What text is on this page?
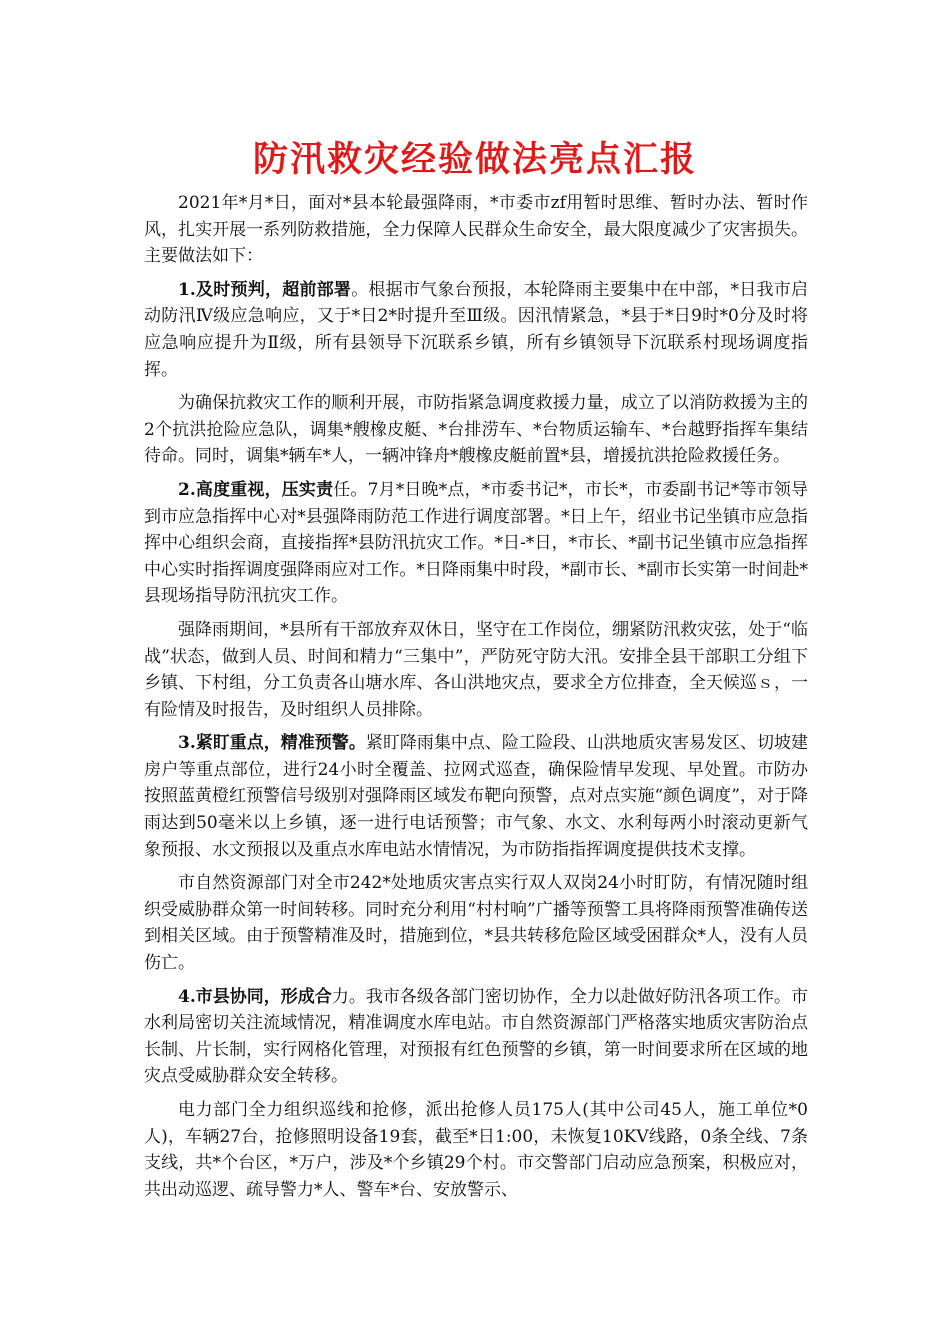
防汛救灾经验做法亮点汇报

2021年*月*日，面对*县本轮最强降雨，*市委市zf用暂时思维、暂时办法、暂时作风，扎实开展一系列防救措施，全力保障人民群众生命安全，最大限度减少了灾害损失。主要做法如下：

1.及时预判，超前部署。根据市气象台预报，本轮降雨主要集中在中部，*日我市启动防汛Ⅳ级应急响应，又于*日2*时提升至Ⅲ级。因汛情紧急，*县于*日9时*0分及时将应急响应提升为Ⅱ级，所有县领导下沉联系乡镇，所有乡镇领导下沉联系村现场调度指挥。

为确保抗救灾工作的顺利开展，市防指紧急调度救援力量，成立了以消防救援为主的2个抗洪抢险应急队，调集*艘橡皮艇、*台排涝车、*台物质运输车、*台越野指挥车集结待命。同时，调集*辆车*人，一辆冲锋舟*艘橡皮艇前置*县，增援抗洪抢险救援任务。

2.高度重视，压实责任。7月*日晚*点，*市委书记*，市长*，市委副书记*等市领导到市应急指挥中心对*县强降雨防范工作进行调度部署。*日上午，绍业书记坐镇市应急指挥中心组织会商，直接指挥*县防汛抗灾工作。*日-*日，*市长、*副书记坐镇市应急指挥中心实时指挥调度强降雨应对工作。*日降雨集中时段，*副市长、*副市长实第一时间赴*县现场指导防汛抗灾工作。

强降雨期间，*县所有干部放弃双休日，坚守在工作岗位，绷紧防汛救灾弦，处于“临战”状态，做到人员、时间和精力“三集中”，严防死守防大汛。安排全县干部职工分组下乡镇、下村组，分工负责各山塘水库、各山洪地灾点，要求全方位排查，全天候巡ｓ，一有险情及时报告，及时组织人员排除。

3.紧盯重点，精准预警。紧盯降雨集中点、险工险段、山洪地质灾害易发区、切坡建房户等重点部位，进行24小时全覆盖、拉网式巡查，确保险情早发现、早处置。市防办按照蓝黄橙红预警信号级别对强降雨区域发布靶向预警，点对点实施“颜色调度”，对于降雨达到50毫米以上乡镇，逐一进行电话预警；市气象、水文、水利每两小时滚动更新气象预报、水文预报以及重点水库电站水情情况，为市防指指挥调度提供技术支撑。

市自然资源部门对全市242*处地质灾害点实行双人双岗24小时盯防，有情况随时组织受威胁群众第一时间转移。同时充分利用“村村响”广播等预警工具将降雨预警准确传送到相关区域。由于预警精准及时，措施到位，*县共转移危险区域受困群众*人，没有人员伤亡。

4.市县协同，形成合力。我市各级各部门密切协作，全力以赴做好防汛各项工作。市水利局密切关注流域情况，精准调度水库电站。市自然资源部门严格落实地质灾害防治点长制、片长制，实行网格化管理，对预报有红色预警的乡镇，第一时间要求所在区域的地灾点受威胁群众安全转移。

电力部门全力组织巡线和抢修，派出抢修人员175人(其中公司45人，施工单位*0人)，车辆27台，抢修照明设备19套，截至*日1:00，未恢复10KV线路，0条全线、7条支线，共*个台区，*万户，涉及*个乡镇29个村。市交警部门启动应急预案，积极应对，共出动巡逻、疏导警力*人、警车*台、安放警示、
